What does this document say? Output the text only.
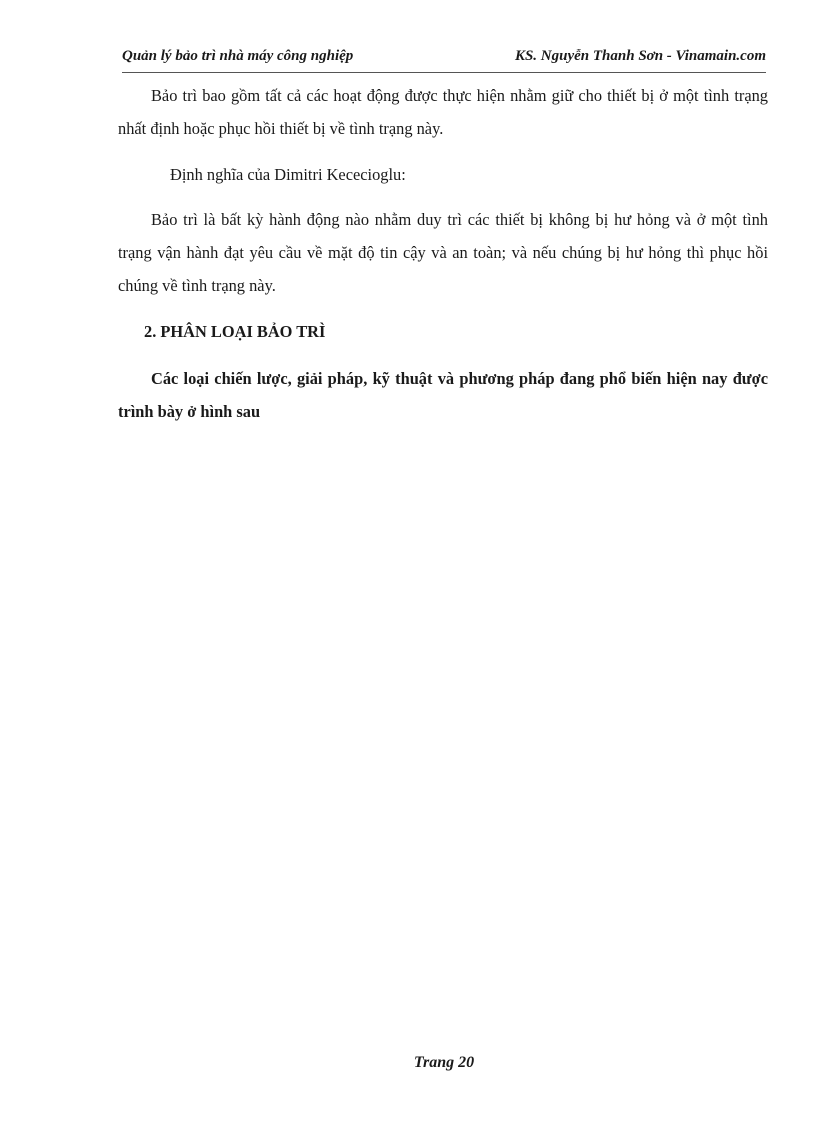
Quản lý bảo trì nhà máy công nghiệp	KS. Nguyễn Thanh Sơn - Vinamain.com

Bảo trì bao gồm tất cả các hoạt động được thực hiện nhằm giữ cho thiết bị ở một tình trạng nhất định hoặc phục hồi thiết bị về tình trạng này.

Định nghĩa của Dimitri Kececioglu:

Bảo trì là bất kỳ hành động nào nhằm duy trì các thiết bị không bị hư hỏng và ở một tình trạng vận hành đạt yêu cầu về mặt độ tin cậy và an toàn; và nếu chúng bị hư hỏng thì phục hồi chúng về tình trạng này.

2. PHÂN LOẠI BẢO TRÌ

Các loại chiến lược, giải pháp, kỹ thuật và phương pháp đang phổ biến hiện nay được trình bày ở hình sau

Trang 20
